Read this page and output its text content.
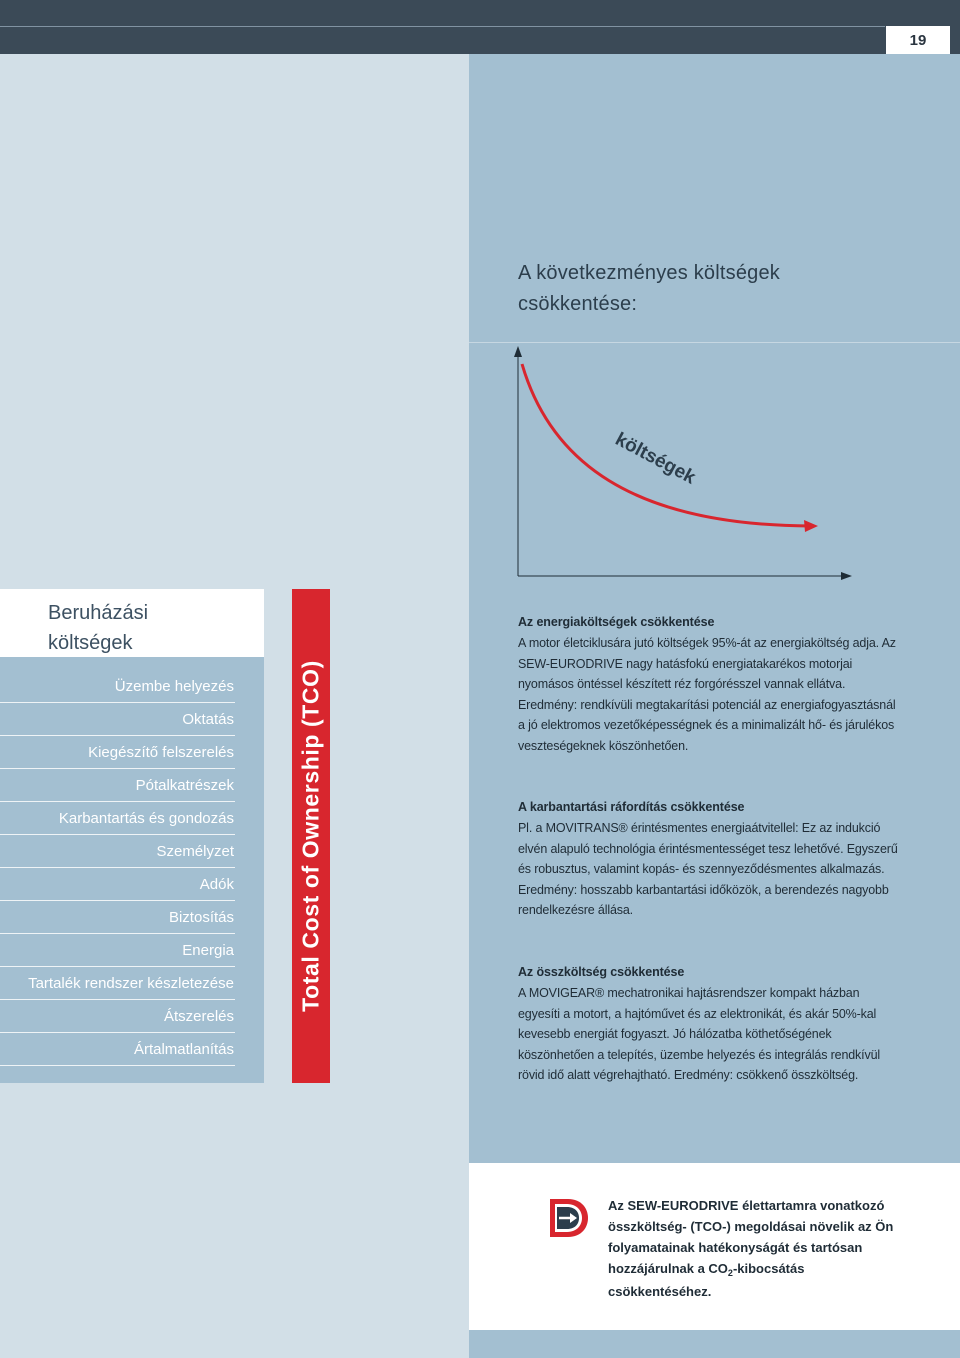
19
A következményes költségek
csökkentése:
költségek
Beruházási
költségek
Üzembe helyezés
Oktatás
Kiegészítő felszerelés
Pótalkatrészek
Karbantartás és gondozás
Személyzet
Adók
Biztosítás
Energia
Tartalék rendszer készletezése
Átszerelés
Ártalmatlanítás
Total Cost of Ownership (TCO)
Az energiaköltségek csökkentése

A motor életciklusára jutó költségek 95%-át az energiaköltség adja. Az SEW-EURODRIVE nagy hatásfokú energiatakarékos motorjai nyomásos öntéssel készített réz forgórésszel vannak ellátva. Eredmény: rendkívüli megtakarítási potenciál az energiafogyasztásnál a jó elektromos vezetőképességnek és a minimalizált hő- és járulékos veszteségeknek köszönhetően.

A karbantartási ráfordítás csökkentése

Pl. a MOVITRANS® érintésmentes energiaátvitellel: Ez az indukció elvén alapuló technológia érintésmentességet tesz lehetővé. Egyszerű és robusztus, valamint kopás- és szennyeződésmentes alkalmazás. Eredmény: hosszabb karbantartási időközök, a berendezés nagyobb rendelkezésre állása.

Az összköltség csökkentése

A MOVIGEAR® mechatronikai hajtásrendszer kompakt házban egyesíti a motort, a hajtóművet és az elektronikát, és akár 50%-kal kevesebb energiát fogyaszt. Jó hálózatba köthetőségének köszönhetően a telepítés, üzembe helyezés és integrálás rendkívül rövid idő alatt végrehajtható. Eredmény: csökkenő összköltség.

Az SEW-EURODRIVE élettartamra vonatkozó összköltség- (TCO-) megoldásai növelik az Ön folyamatainak hatékonyságát és tartósan hozzájárulnak a $CO_2$-kibocsátás csökkentéséhez.
